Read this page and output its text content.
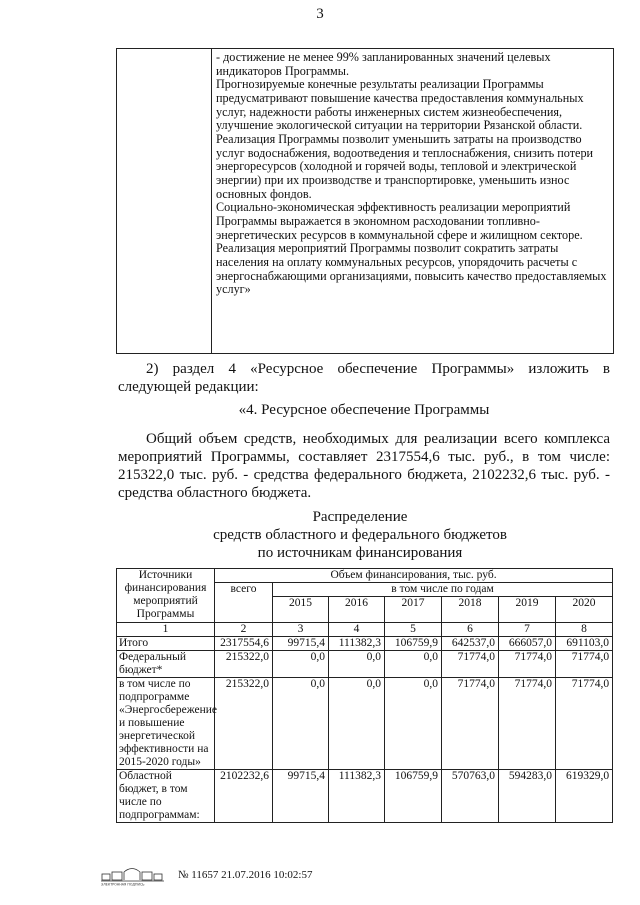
3

- достижение не менее 99% запланированных значений целевых индикаторов Программы.

Прогнозируемые конечные результаты реализации Программы предусматривают повышение качества предоставления коммунальных услуг, надежности работы инженерных систем жизнеобеспечения, улучшение экологической ситуации на территории Рязанской области.

Реализация Программы позволит уменьшить затраты на производство услуг водоснабжения, водоотведения и теплоснабжения, снизить потери энергоресурсов (холодной и горячей воды, тепловой и электрической энергии) при их производстве и транспортировке, уменьшить износ основных фондов.

Социально-экономическая эффективность реализации мероприятий Программы выражается в экономном расходовании топливно-энергетических ресурсов в коммунальной сфере и жилищном секторе.

Реализация мероприятий Программы позволит сократить затраты населения на оплату коммунальных ресурсов, упорядочить расчеты с энергоснабжающими организациями, повысить качество предоставляемых услуг»

2) раздел 4 «Ресурсное обеспечение Программы» изложить в следующей редакции:
«4. Ресурсное обеспечение Программы
Общий объем средств, необходимых для реализации всего комплекса мероприятий Программы, составляет 2317554,6 тыс. руб., в том числе: 215322,0 тыс. руб. - средства федерального бюджета, 2102232,6 тыс. руб. - средства областного бюджета.
Распределение
средств областного и федерального бюджетов
по источникам финансирования
Источники финансирования мероприятий Программы	Объем финансирования, тыс. руб.						
	всего	в том числе по годам					
		2015	2016	2017	2018	2019	2020
1	2	3	4	5	6	7	8
Итого	2317554,6	99715,4	111382,3	106759,9	642537,0	666057,0	691103,0
Федеральный бюджет*	215322,0	0,0	0,0	0,0	71774,0	71774,0	71774,0
в том числе по подпрограмме «Энергосбережение и повышение энергетической эффективности на 2015-2020 годы»	215322,0	0,0	0,0	0,0	71774,0	71774,0	71774,0
Областной бюджет, в том числе по подпрограммам:	2102232,6	99715,4	111382,3	106759,9	570763,0	594283,0	619329,0
ЭЛЕКТРОННАЯ ПОДПИСЬ
№ 11657 21.07.2016 10:02:57
